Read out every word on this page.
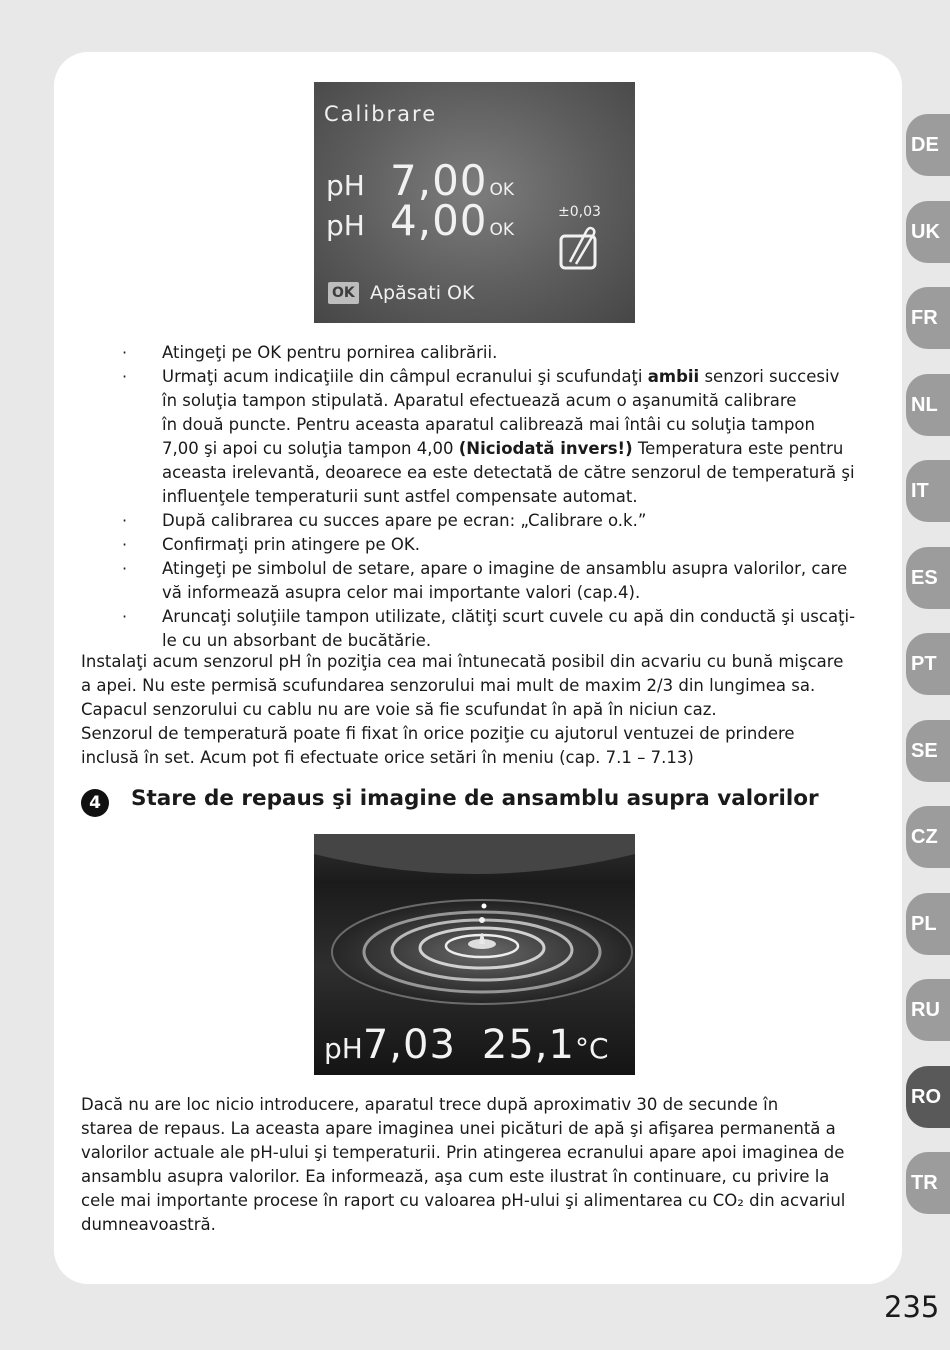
Calibrare
pH 7,00 OK
pH 4,00 OK
±0,03
OK Apăsati OK
· Atingeţi pe OK pentru pornirea calibrării.
· Urmaţi acum indicaţiile din câmpul ecranului şi scufundaţi ambii senzori succesiv
în soluţia tampon stipulată. Aparatul efectuează acum o aşanumită calibrare
în două puncte. Pentru aceasta aparatul calibrează mai întâi cu soluţia tampon
7,00 şi apoi cu soluţia tampon 4,00 (Niciodată invers!) Temperatura este pentru
aceasta irelevantă, deoarece ea este detectată de către senzorul de temperatură şi
influenţele temperaturii sunt astfel compensate automat.
· După calibrarea cu succes apare pe ecran: „Calibrare o.k.”
· Confirmaţi prin atingere pe OK.
· Atingeţi pe simbolul de setare, apare o imagine de ansamblu asupra valorilor, care
vă informează asupra celor mai importante valori (cap.4).
· Aruncaţi soluţiile tampon utilizate, clătiţi scurt cuvele cu apă din conductă şi uscaţi-
le cu un absorbant de bucătărie.
Instalaţi acum senzorul pH în poziţia cea mai întunecată posibil din acvariu cu bună mişcare
a apei. Nu este permisă scufundarea senzorului mai mult de maxim 2/3 din lungimea sa.
Capacul senzorului cu cablu nu are voie să fie scufundat în apă în niciun caz.
Senzorul de temperatură poate fi fixat în orice poziţie cu ajutorul ventuzei de prindere
inclusă în set. Acum pot fi efectuate orice setări în meniu (cap. 7.1 – 7.13)
4	Stare de repaus şi imagine de ansamblu asupra valorilor
pH7,03 25,1°C
Dacă nu are loc nicio introducere, aparatul trece după aproximativ 30 de secunde în
starea de repaus. La aceasta apare imaginea unei picături de apă şi afişarea permanentă a
valorilor actuale ale pH-ului şi temperaturii. Prin atingerea ecranului apare apoi imaginea de
ansamblu asupra valorilor. Ea informează, aşa cum este ilustrat în continuare, cu privire la
cele mai importante procese în raport cu valoarea pH-ului şi alimentarea cu CO₂ din acvariul
dumneavoastră.
DE
UK
FR
NL
IT
ES
PT
SE
CZ
PL
RU
RO
TR
235
